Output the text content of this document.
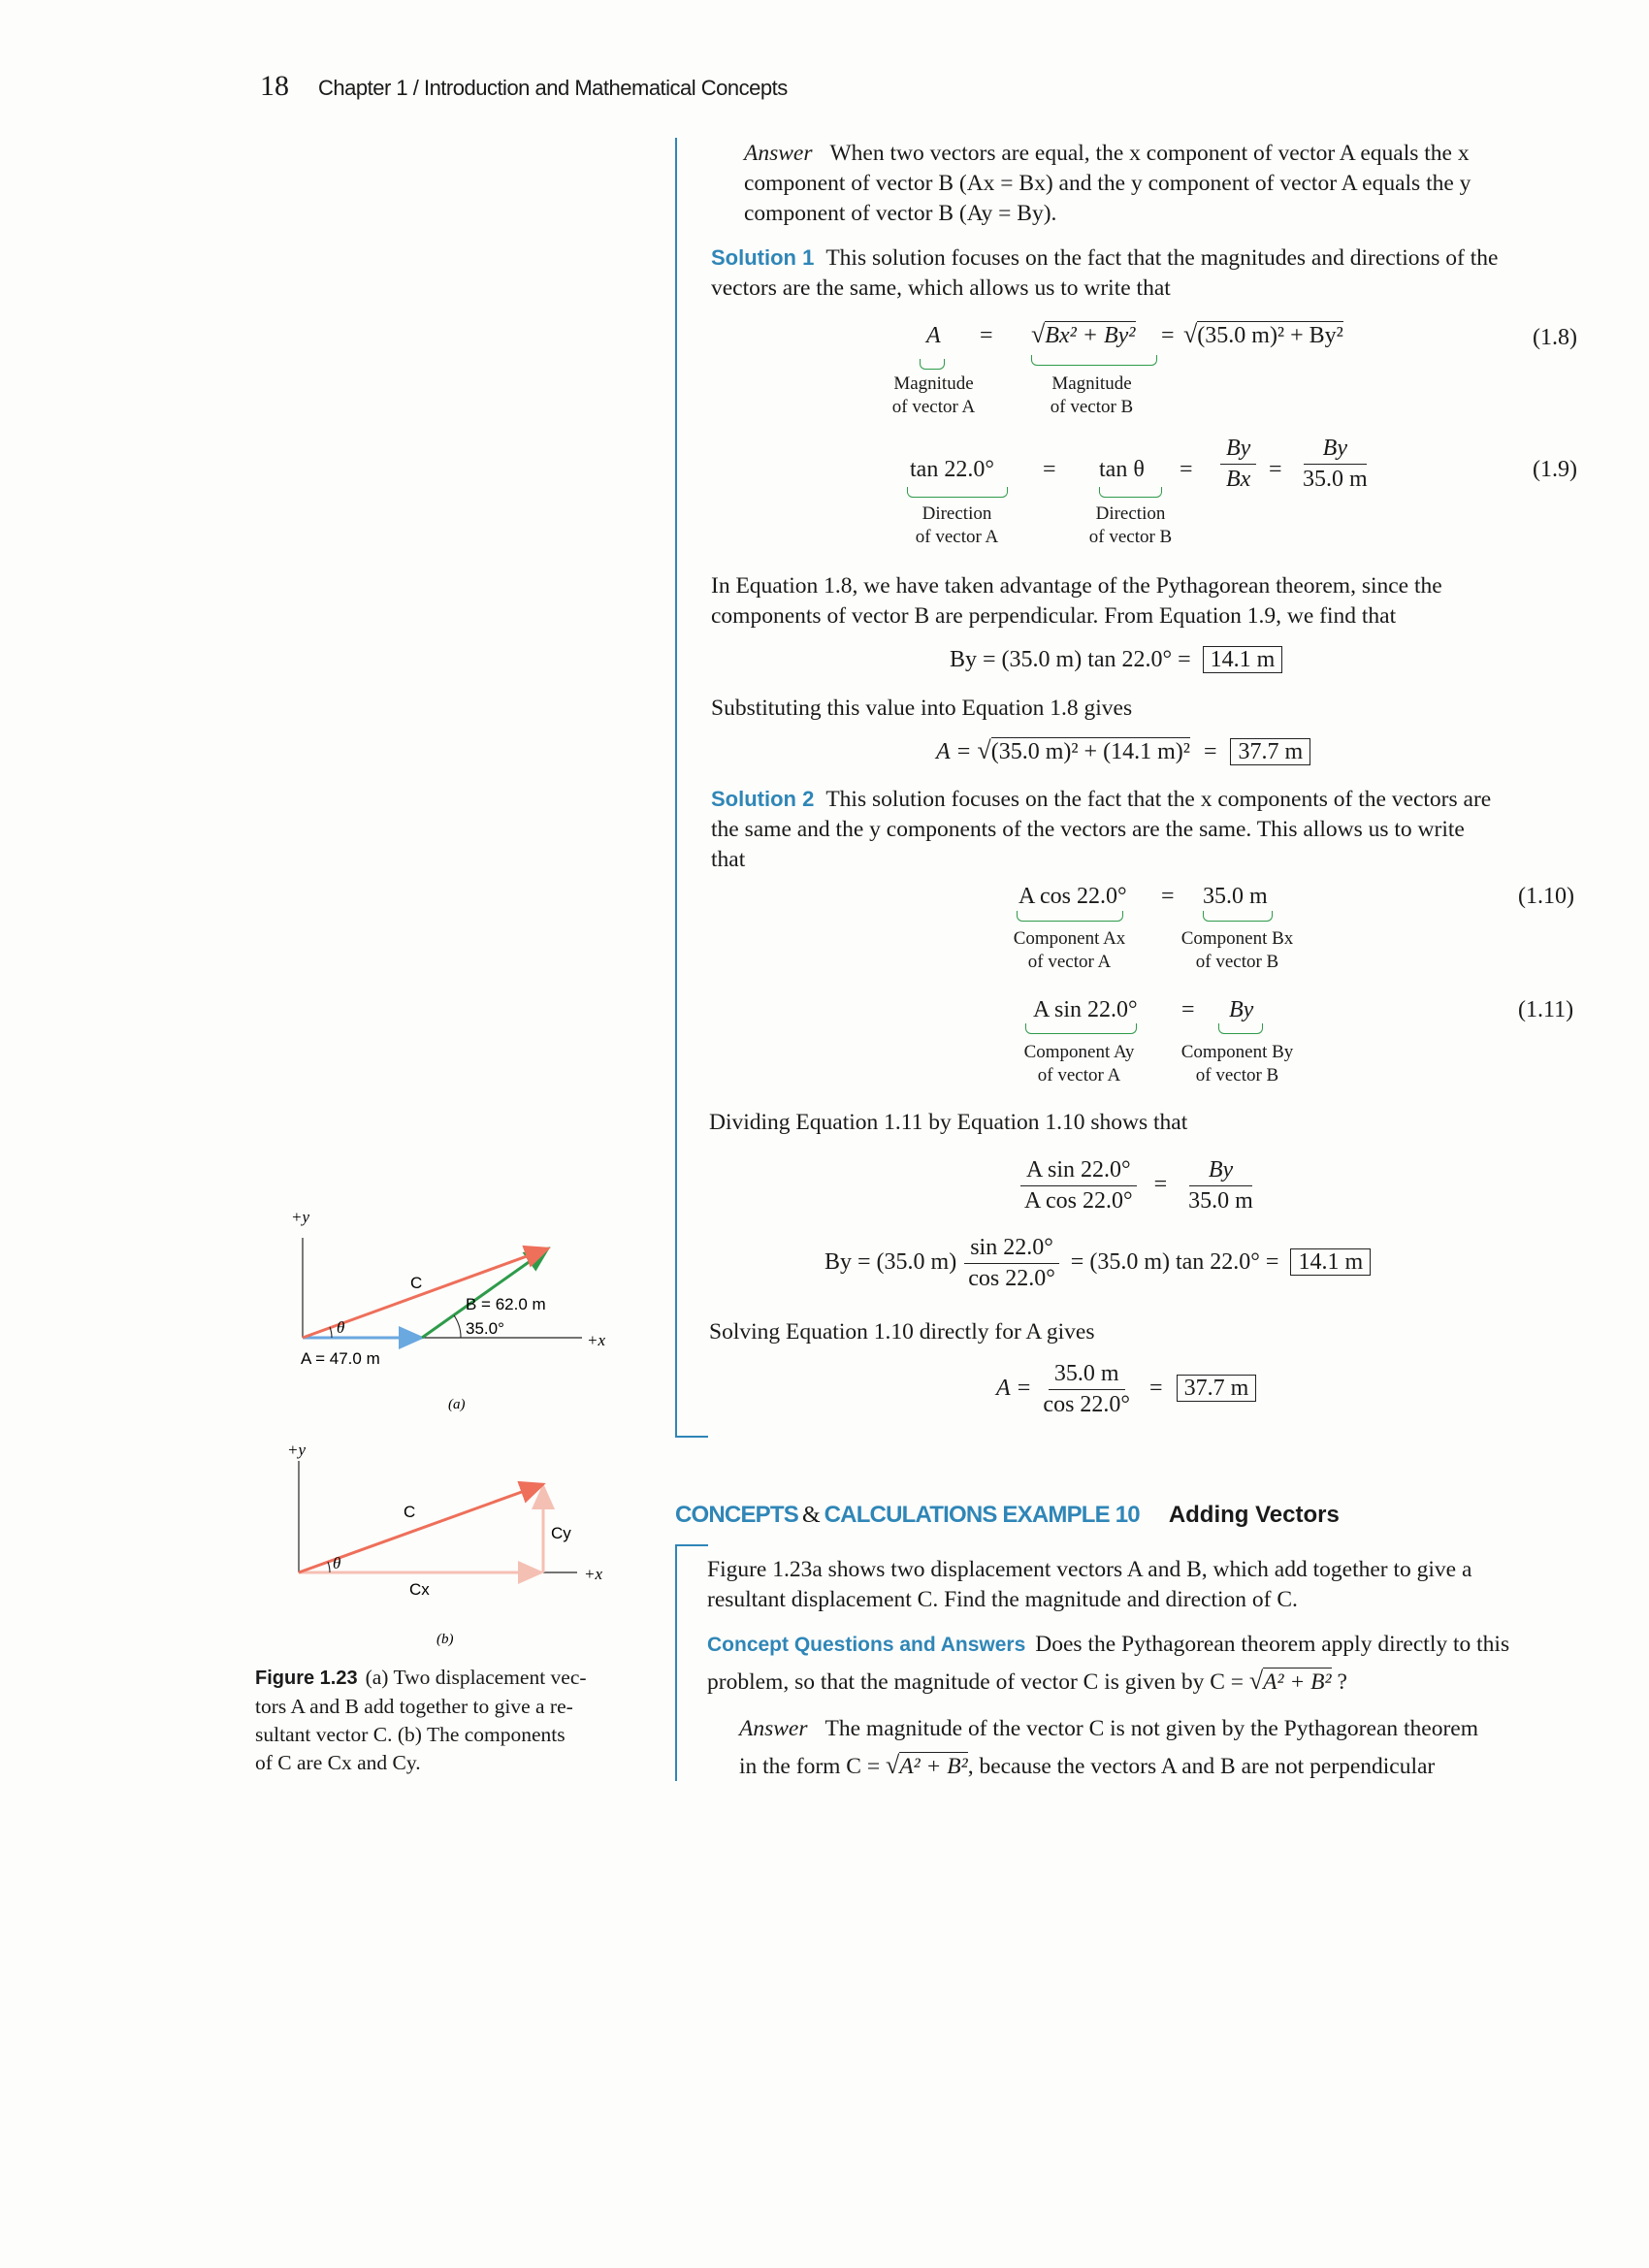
18 Chapter 1 / Introduction and Mathematical Concepts
Answer When two vectors are equal, the x component of vector A equals the x
component of vector B (Ax = Bx) and the y component of vector A equals the y
component of vector B (Ay = By).
Solution 1 This solution focuses on the fact that the magnitudes and directions of the
vectors are the same, which allows us to write that
A = √Bx² + By² = √(35.0 m)² + By²	(1.8)
Magnitude
of vector A
Magnitude
of vector B
$\tan 22.0^\circ = \tan \theta = \frac{By}{Bx} = \frac{By}{35.0 m}$	(1.9)
Direction
of vector A
Direction
of vector B
In Equation 1.8, we have taken advantage of the Pythagorean theorem, since the
components of vector B are perpendicular. From Equation 1.9, we find that
By = (35.0 m) tan 22.0° = 14.1 m
Substituting this value into Equation 1.8 gives
A = √(35.0 m)² + (14.1 m)² = 37.7 m
Solution 2 This solution focuses on the fact that the x components of the vectors are
the same and the y components of the vectors are the same. This allows us to write
that
A cos 22.0° = 35.0 m	(1.10)
Component Ax
of vector A
Component Bx
of vector B
A sin 22.0° = By	(1.11)
Component Ay
of vector A
Component By
of vector B
Dividing Equation 1.11 by Equation 1.10 shows that
$\frac{\text{A sin 22.0°}}{\text{A cos 22.0°}} = \frac{By}{35.0 m}$
By = (35.0 $m) \frac{\sin 22.0^\circ}{\cos 22.0^\circ} = (35.0$ m) tan 22.0° = 14.1 m
Solving Equation 1.10 directly for A gives
$A = \frac{35.0 m}{\cos 22.0^\circ} = 37.7$ m
CONCEPTS & CALCULATIONS EXAMPLE 10 Adding Vectors
Figure 1.23a shows two displacement vectors A and B, which add together to give a
resultant displacement C. Find the magnitude and direction of C.
Concept Questions and Answers Does the Pythagorean theorem apply directly to this
problem, so that the magnitude of vector C is given by C = √A² + B² ?
Answer The magnitude of the vector C is not given by the Pythagorean theorem
in the form C = √A² + B², because the vectors A and B are not perpendicular
+y
+x
C
θ
B = 62.0 m
35.0°
A = 47.0 m
(a)
+y
+x
C
θ
Cy
Cx
(b)
Figure 1.23 (a) Two displacement vec-
tors A and B add together to give a re-
sultant vector C. (b) The components
of C are Cx and Cy.
